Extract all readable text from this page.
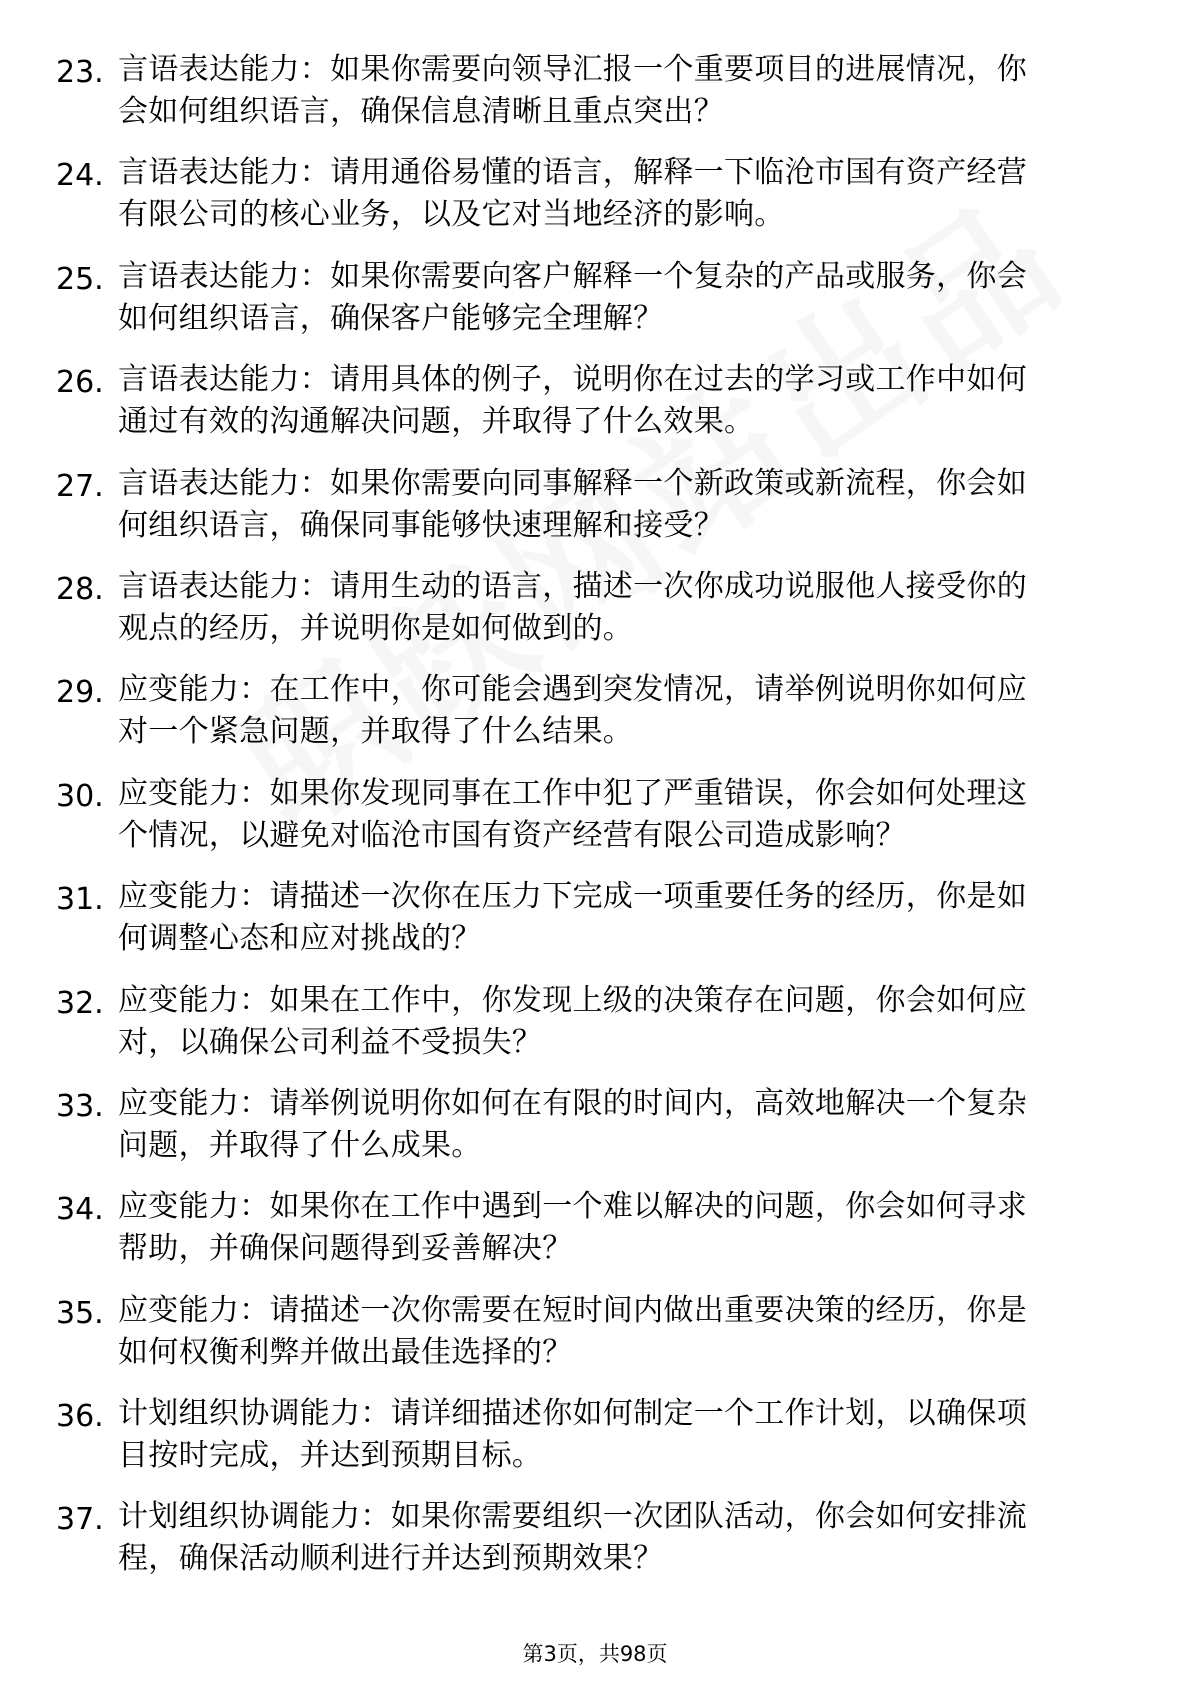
23. 言语表达能力：如果你需要向领导汇报一个重要项目的进展情况，你会如何组织语言，确保信息清晰且重点突出？

24. 言语表达能力：请用通俗易懂的语言，解释一下临沧市国有资产经营有限公司的核心业务，以及它对当地经济的影响。

25. 言语表达能力：如果你需要向客户解释一个复杂的产品或服务，你会如何组织语言，确保客户能够完全理解？

26. 言语表达能力：请用具体的例子，说明你在过去的学习或工作中如何通过有效的沟通解决问题，并取得了什么效果。

27. 言语表达能力：如果你需要向同事解释一个新政策或新流程，你会如何组织语言，确保同事能够快速理解和接受？

28. 言语表达能力：请用生动的语言，描述一次你成功说服他人接受你的观点的经历，并说明你是如何做到的。

29. 应变能力：在工作中，你可能会遇到突发情况，请举例说明你如何应对一个紧急问题，并取得了什么结果。

30. 应变能力：如果你发现同事在工作中犯了严重错误，你会如何处理这个情况，以避免对临沧市国有资产经营有限公司造成影响？

31. 应变能力：请描述一次你在压力下完成一项重要任务的经历，你是如何调整心态和应对挑战的？

32. 应变能力：如果在工作中，你发现上级的决策存在问题，你会如何应对，以确保公司利益不受损失？

33. 应变能力：请举例说明你如何在有限的时间内，高效地解决一个复杂问题，并取得了什么成果。

34. 应变能力：如果你在工作中遇到一个难以解决的问题，你会如何寻求帮助，并确保问题得到妥善解决？

35. 应变能力：请描述一次你需要在短时间内做出重要决策的经历，你是如何权衡利弊并做出最佳选择的？

36. 计划组织协调能力：请详细描述你如何制定一个工作计划，以确保项目按时完成，并达到预期目标。

37. 计划组织协调能力：如果你需要组织一次团队活动，你会如何安排流程，确保活动顺利进行并达到预期效果？

第3页，共98页
